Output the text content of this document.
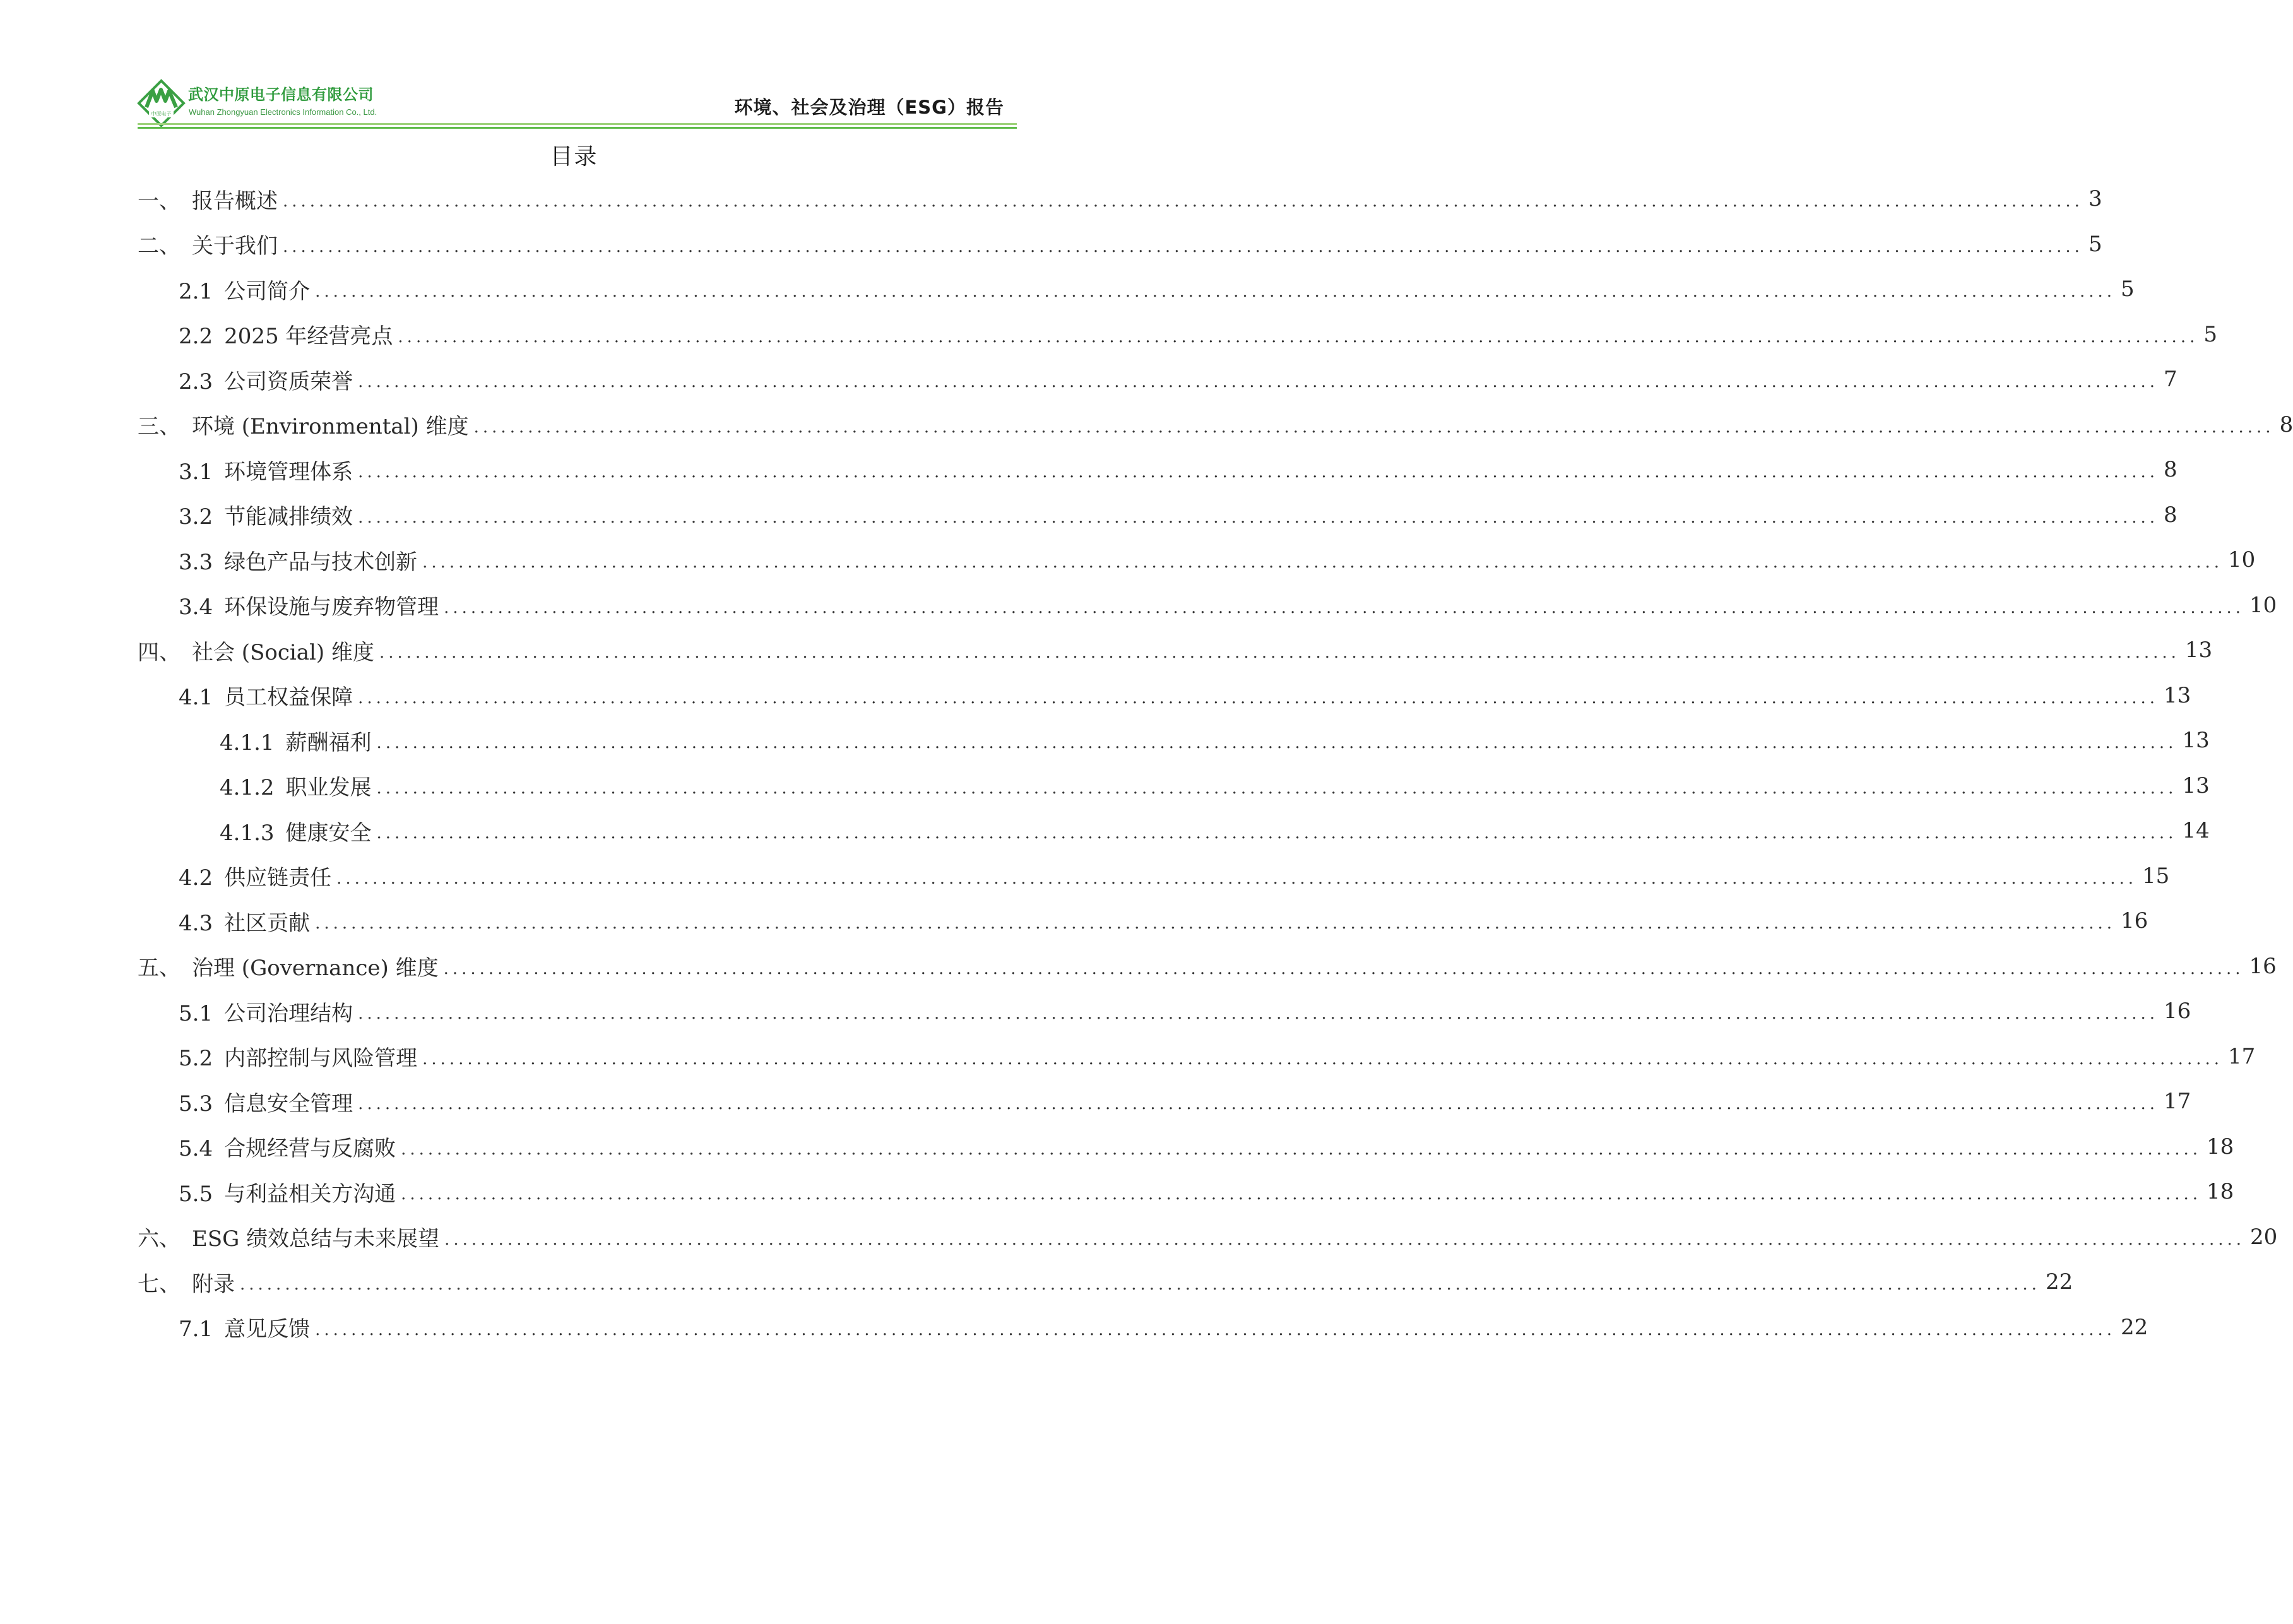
中原电子
武汉中原电子信息有限公司
Wuhan Zhongyuan Electronics Information Co., Ltd.	环境、社会及治理（ESG）报告
目录
一、 报告概述 ........................................................................................................................................................................................................ 3
二、 关于我们 ........................................................................................................................................................................................................ 5
2.1 公司简介 ........................................................................................................................................................................................................ 5
2.2 2025 年经营亮点 ........................................................................................................................................................................................................ 5
2.3 公司资质荣誉 ........................................................................................................................................................................................................ 7
三、 环境 (Environmental) 维度 ........................................................................................................................................................................................................ 8
3.1 环境管理体系 ........................................................................................................................................................................................................ 8
3.2 节能减排绩效 ........................................................................................................................................................................................................ 8
3.3 绿色产品与技术创新 ........................................................................................................................................................................................................ 10
3.4 环保设施与废弃物管理 ........................................................................................................................................................................................................ 10
四、 社会 (Social) 维度 ........................................................................................................................................................................................................ 13
4.1 员工权益保障 ........................................................................................................................................................................................................ 13
4.1.1 薪酬福利 ........................................................................................................................................................................................................ 13
4.1.2 职业发展 ........................................................................................................................................................................................................ 13
4.1.3 健康安全 ........................................................................................................................................................................................................ 14
4.2 供应链责任 ........................................................................................................................................................................................................ 15
4.3 社区贡献 ........................................................................................................................................................................................................ 16
五、 治理 (Governance) 维度 ........................................................................................................................................................................................................ 16
5.1 公司治理结构 ........................................................................................................................................................................................................ 16
5.2 内部控制与风险管理 ........................................................................................................................................................................................................ 17
5.3 信息安全管理 ........................................................................................................................................................................................................ 17
5.4 合规经营与反腐败 ........................................................................................................................................................................................................ 18
5.5 与利益相关方沟通 ........................................................................................................................................................................................................ 18
六、 ESG 绩效总结与未来展望 ........................................................................................................................................................................................................ 20
七、 附录 ........................................................................................................................................................................................................ 22
7.1 意见反馈 ........................................................................................................................................................................................................ 22
